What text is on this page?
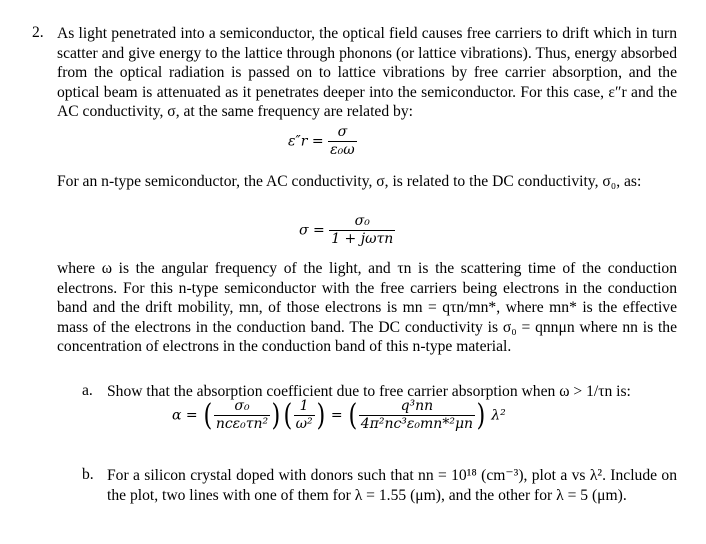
2. As light penetrated into a semiconductor, the optical field causes free carriers to drift which in turn scatter and give energy to the lattice through phonons (or lattice vibrations). Thus, energy absorbed from the optical radiation is passed on to lattice vibrations by free carrier absorption, and the optical beam is attenuated as it penetrates deeper into the semiconductor. For this case, ε″r and the AC conductivity, σ, at the same frequency are related by:
$\varepsilon''r = \frac{\sigma}{\text{ε₀ω}}$
For an n-type semiconductor, the AC conductivity, σ, is related to the DC conductivity, σ₀, as:
$\sigma = \frac{\text{σ₀}}{\text{1 + jωτn}}$
where ω is the angular frequency of the light, and τn is the scattering time of the conduction electrons. For this n-type semiconductor with the free carriers being electrons in the conduction band and the drift mobility, mn, of those electrons is mn = qτn/mn*, where mn* is the effective mass of the electrons in the conduction band. The DC conductivity is σ₀ = qnnμn where nn is the concentration of electrons in the conduction band of this n-type material.
a. Show that the absorption coefficient due to free carrier absorption when ω > 1/τn is:
α = ( $\frac{\text{σ₀}}{\text{ncε₀τn²}}$ )( $\frac{1}{\text{ω²}}$ ) = ( $\frac{\text{q³nn}}{\text{4π²nc³ε₀mn*²μn}}$ ) λ²
b. For a silicon crystal doped with donors such that nn = 10¹⁸ (cm⁻³), plot a vs λ². Include on the plot, two lines with one of them for λ = 1.55 (μm), and the other for λ = 5 (μm).
